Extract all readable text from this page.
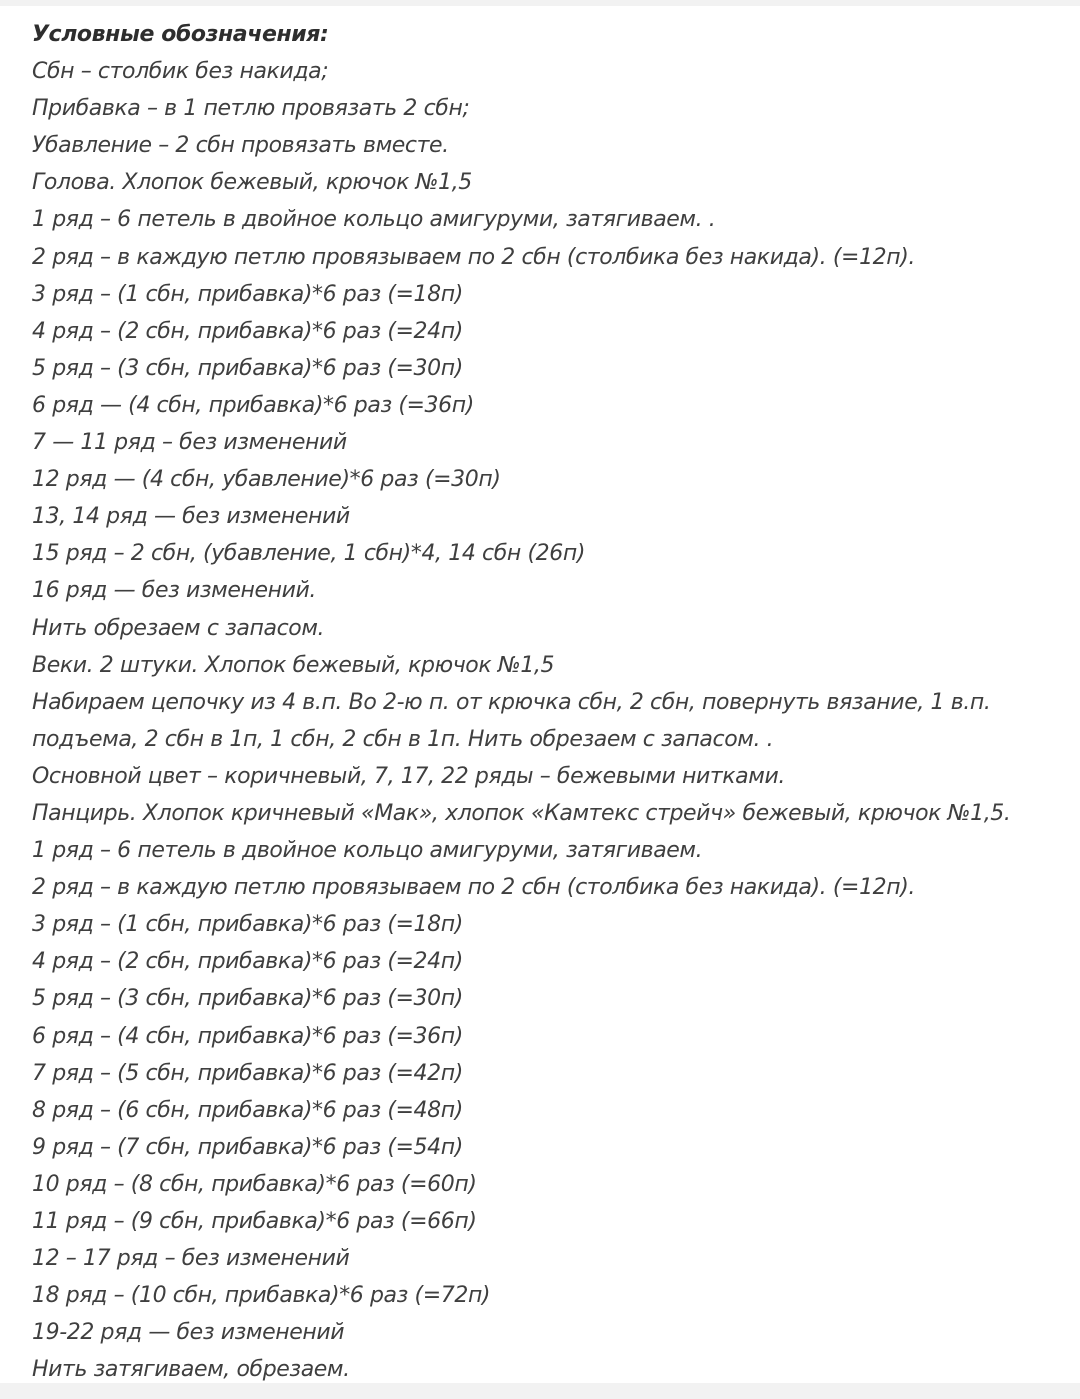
Условные обозначения:
Сбн – столбик без накида;
Прибавка – в 1 петлю провязать 2 сбн;
Убавление – 2 сбн провязать вместе.
Голова. Хлопок бежевый, крючок №1,5
1 ряд – 6 петель в двойное кольцо амигуруми, затягиваем. .
2 ряд – в каждую петлю провязываем по 2 сбн (столбика без накида). (=12п).
3 ряд – (1 сбн, прибавка)*6 раз (=18п)
4 ряд – (2 сбн, прибавка)*6 раз (=24п)
5 ряд – (3 сбн, прибавка)*6 раз (=30п)
6 ряд — (4 сбн, прибавка)*6 раз (=36п)
7 — 11 ряд – без изменений
12 ряд — (4 сбн, убавление)*6 раз (=30п)
13, 14 ряд — без изменений
15 ряд – 2 сбн, (убавление, 1 сбн)*4, 14 сбн (26п)
16 ряд — без изменений.
Нить обрезаем с запасом.
Веки. 2 штуки. Хлопок бежевый, крючок №1,5
Набираем цепочку из 4 в.п. Во 2-ю п. от крючка сбн, 2 сбн, повернуть вязание, 1 в.п.
подъема, 2 сбн в 1п, 1 сбн, 2 сбн в 1п. Нить обрезаем с запасом. .
Основной цвет – коричневый, 7, 17, 22 ряды – бежевыми нитками.
Панцирь. Хлопок кричневый «Мак», хлопок «Камтекс стрейч» бежевый, крючок №1,5.
1 ряд – 6 петель в двойное кольцо амигуруми, затягиваем.
2 ряд – в каждую петлю провязываем по 2 сбн (столбика без накида). (=12п).
3 ряд – (1 сбн, прибавка)*6 раз (=18п)
4 ряд – (2 сбн, прибавка)*6 раз (=24п)
5 ряд – (3 сбн, прибавка)*6 раз (=30п)
6 ряд – (4 сбн, прибавка)*6 раз (=36п)
7 ряд – (5 сбн, прибавка)*6 раз (=42п)
8 ряд – (6 сбн, прибавка)*6 раз (=48п)
9 ряд – (7 сбн, прибавка)*6 раз (=54п)
10 ряд – (8 сбн, прибавка)*6 раз (=60п)
11 ряд – (9 сбн, прибавка)*6 раз (=66п)
12 – 17 ряд – без изменений
18 ряд – (10 сбн, прибавка)*6 раз (=72п)
19-22 ряд — без изменений
Нить затягиваем, обрезаем.
